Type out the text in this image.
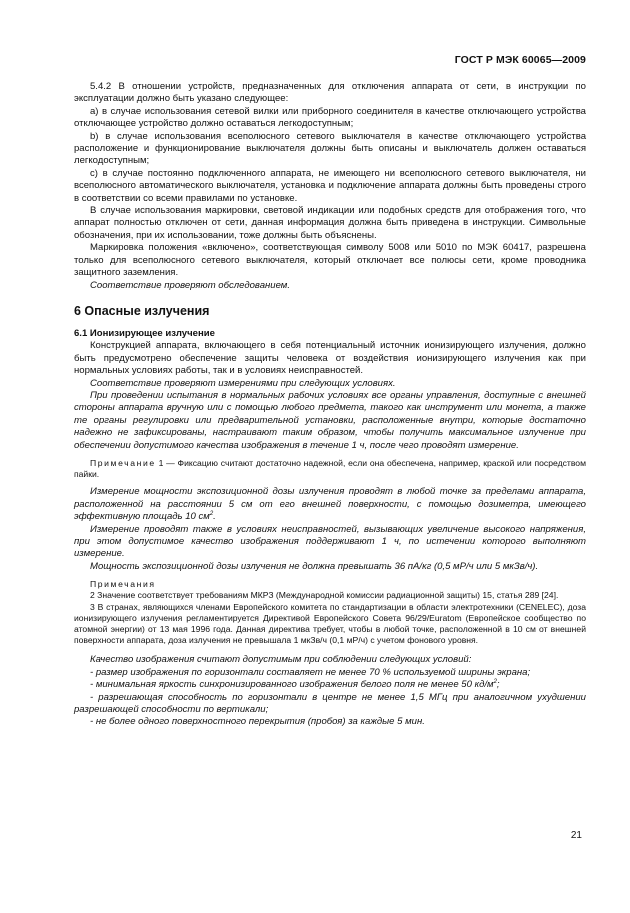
ГОСТ Р МЭК 60065—2009

5.4.2 В отношении устройств, предназначенных для отключения аппарата от сети, в инструкции по эксплуатации должно быть указано следующее:

а) в случае использования сетевой вилки или приборного соединителя в качестве отключающего устройства отключающее устройство должно оставаться легкодоступным;

b) в случае использования всеполюсного сетевого выключателя в качестве отключающего устройства расположение и функционирование выключателя должны быть описаны и выключатель должен оставаться легкодоступным;

c) в случае постоянно подключенного аппарата, не имеющего ни всеполюсного сетевого выключателя, ни всеполюсного автоматического выключателя, установка и подключение аппарата должны быть проведены строго в соответствии со всеми правилами по установке.

В случае использования маркировки, световой индикации или подобных средств для отображения того, что аппарат полностью отключен от сети, данная информация должна быть приведена в инструкции. Символьные обозначения, при их использовании, тоже должны быть объяснены.

Маркировка положения «включено», соответствующая символу 5008 или 5010 по МЭК 60417, разрешена только для всеполюсного сетевого выключателя, который отключает все полюсы сети, кроме проводника защитного заземления.

Соответствие проверяют обследованием.

6 Опасные излучения

6.1 Ионизирующее излучение

Конструкцией аппарата, включающего в себя потенциальный источник ионизирующего излучения, должно быть предусмотрено обеспечение защиты человека от воздействия ионизирующего излучения как при нормальных условиях работы, так и в условиях неисправностей.

Соответствие проверяют измерениями при следующих условиях.

При проведении испытания в нормальных рабочих условиях все органы управления, доступные с внешней стороны аппарата вручную или с помощью любого предмета, такого как инструмент или монета, а также те органы регулировки или предварительной установки, расположенные внутри, которые достаточно надежно не зафиксированы, настраивают таким образом, чтобы получить максимальное излучение при обеспечении допустимого качества изображения в течение 1 ч, после чего проводят измерение.

Примечание 1 — Фиксацию считают достаточно надежной, если она обеспечена, например, краской или посредством пайки.

Измерение мощности экспозиционной дозы излучения проводят в любой точке за пределами аппарата, расположенной на расстоянии 5 см от его внешней поверхности, с помощью дозиметра, имеющего эффективную площадь 10 $см^2$.

Измерение проводят также в условиях неисправностей, вызывающих увеличение высокого напряжения, при этом допустимое качество изображения поддерживают 1 ч, по истечении которого выполняют измерение.

Мощность экспозиционной дозы излучения не должна превышать 36 пА/кг (0,5 мР/ч или 5 мкЗв/ч).

Примечания

2 Значение соответствует требованиям МКРЗ (Международной комиссии радиационной защиты) 15, статья 289 [24].

3 В странах, являющихся членами Европейского комитета по стандартизации в области электротехники (CENELEC), доза ионизирующего излучения регламентируется Директивой Европейского Совета 96/29/Euratom (Европейское сообщество по атомной энергии) от 13 мая 1996 года. Данная директива требует, чтобы в любой точке, расположенной в 10 см от внешней поверхности аппарата, доза излучения не превышала 1 мкЗв/ч (0,1 мР/ч) с учетом фонового уровня.

Качество изображения считают допустимым при соблюдении следующих условий:

- размер изображения по горизонтали составляет не менее 70 % используемой ширины экрана;

- минимальная яркость синхронизированного изображения белого поля не менее 50 $кд/м^2$;

- разрешающая способность по горизонтали в центре не менее 1,5 МГц при аналогичном ухудшении разрешающей способности по вертикали;

- не более одного поверхностного перекрытия (пробоя) за каждые 5 мин.

21
